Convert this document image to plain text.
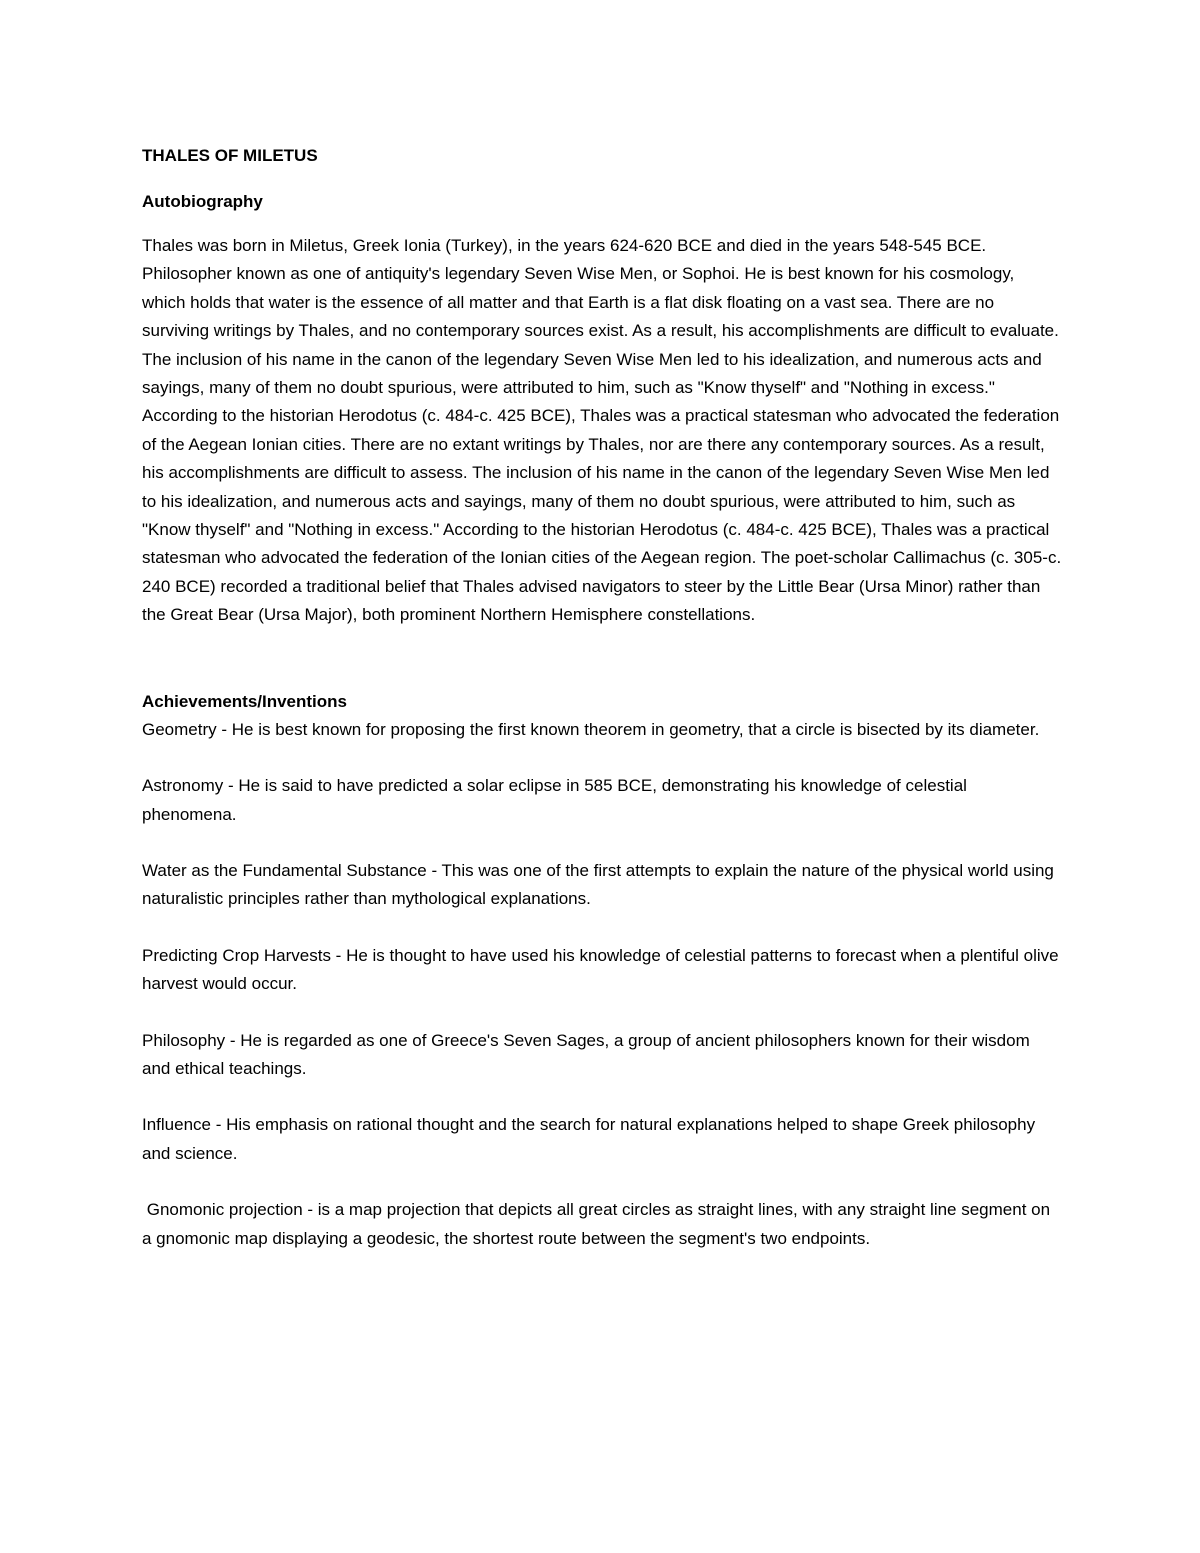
THALES OF MILETUS

Autobiography

Thales was born in Miletus, Greek Ionia (Turkey), in the years 624-620 BCE and died in the years 548-545 BCE. Philosopher known as one of antiquity's legendary Seven Wise Men, or Sophoi. He is best known for his cosmology, which holds that water is the essence of all matter and that Earth is a flat disk floating on a vast sea. There are no surviving writings by Thales, and no contemporary sources exist. As a result, his accomplishments are difficult to evaluate. The inclusion of his name in the canon of the legendary Seven Wise Men led to his idealization, and numerous acts and sayings, many of them no doubt spurious, were attributed to him, such as "Know thyself" and "Nothing in excess." According to the historian Herodotus (c. 484-c. 425 BCE), Thales was a practical statesman who advocated the federation of the Aegean Ionian cities. There are no extant writings by Thales, nor are there any contemporary sources. As a result, his accomplishments are difficult to assess. The inclusion of his name in the canon of the legendary Seven Wise Men led to his idealization, and numerous acts and sayings, many of them no doubt spurious, were attributed to him, such as "Know thyself" and "Nothing in excess." According to the historian Herodotus (c. 484-c. 425 BCE), Thales was a practical statesman who advocated the federation of the Ionian cities of the Aegean region. The poet-scholar Callimachus (c. 305-c. 240 BCE) recorded a traditional belief that Thales advised navigators to steer by the Little Bear (Ursa Minor) rather than the Great Bear (Ursa Major), both prominent Northern Hemisphere constellations.

Achievements/Inventions

Geometry - He is best known for proposing the first known theorem in geometry, that a circle is bisected by its diameter.

Astronomy - He is said to have predicted a solar eclipse in 585 BCE, demonstrating his knowledge of celestial phenomena.

Water as the Fundamental Substance - This was one of the first attempts to explain the nature of the physical world using naturalistic principles rather than mythological explanations.

Predicting Crop Harvests - He is thought to have used his knowledge of celestial patterns to forecast when a plentiful olive harvest would occur.

Philosophy - He is regarded as one of Greece's Seven Sages, a group of ancient philosophers known for their wisdom and ethical teachings.

Influence - His emphasis on rational thought and the search for natural explanations helped to shape Greek philosophy and science.

Gnomonic projection - is a map projection that depicts all great circles as straight lines, with any straight line segment on a gnomonic map displaying a geodesic, the shortest route between the segment's two endpoints.
